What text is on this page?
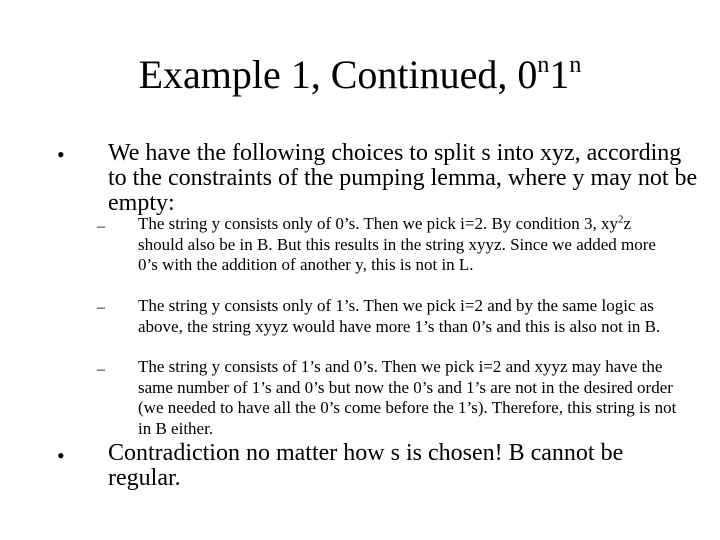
Example 1, Continued, 0$^n$1$^n$
• We have the following choices to split s into xyz, according to the constraints of the pumping lemma, where y may not be empty:
– The string y consists only of 0’s. Then we pick i=2. By condition 3, $xy^2z$ should also be in B. But this results in the string xyyz. Since we added more 0’s with the addition of another y, this is not in L.
– The string y consists only of 1’s. Then we pick i=2 and by the same logic as above, the string xyyz would have more 1’s than 0’s and this is also not in B.
– The string y consists of 1’s and 0’s. Then we pick i=2 and xyyz may have the same number of 1’s and 0’s but now the 0’s and 1’s are not in the desired order (we needed to have all the 0’s come before the 1’s). Therefore, this string is not in B either.
• Contradiction no matter how s is chosen! B cannot be regular.
